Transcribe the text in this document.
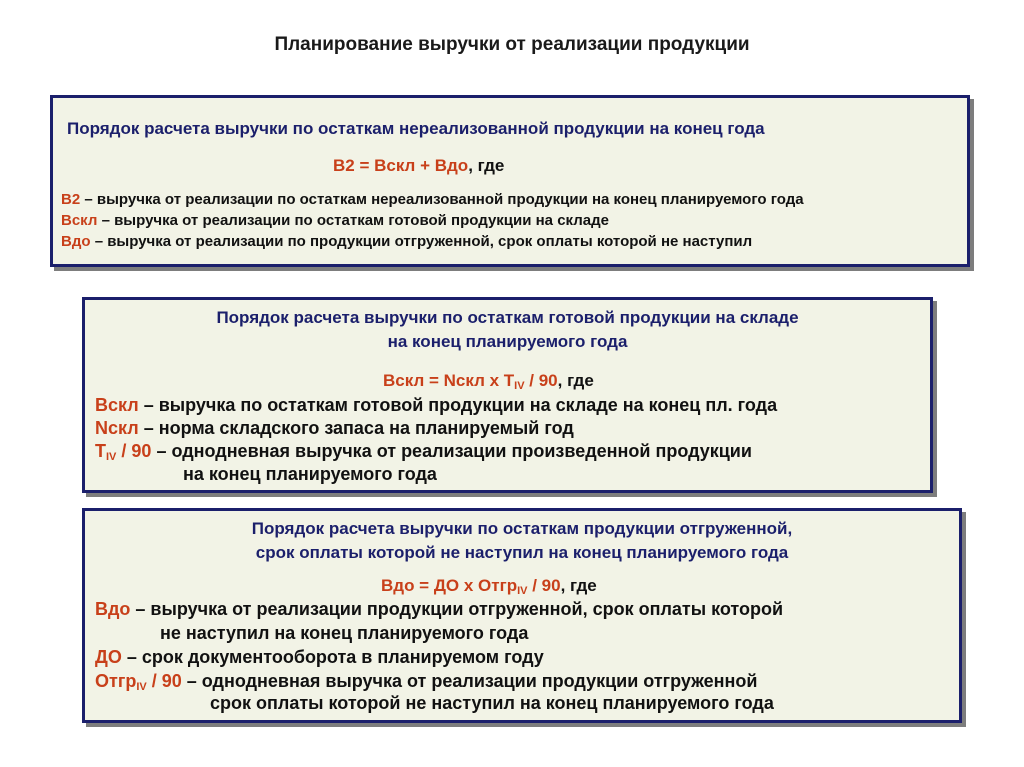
Планирование выручки от реализации продукции
Порядок расчета выручки по остаткам нереализованной продукции на конец года
В2 = Вскл + Вдо, где
В2 – выручка от реализации по остаткам нереализованной продукции на конец планируемого года
Вскл – выручка от реализации по остаткам готовой продукции на складе
Вдо – выручка от реализации по продукции отгруженной, срок оплаты которой не наступил
Порядок расчета выручки по остаткам готовой продукции на складе
на конец планируемого года
Вскл = Nскл х $Т_{IV} / 90$, где
Вскл – выручка по остаткам готовой продукции на складе на конец пл. года
Nскл – норма складского запаса на планируемый год
$Т_{IV} / 90$ – однодневная выручка от реализации произведенной продукции
на конец планируемого года
Порядок расчета выручки по остаткам продукции отгруженной,
срок оплаты которой не наступил на конец планируемого года
Вдо = ДО х Отгр$_{IV}$ / 90, где
Вдо – выручка от реализации продукции отгруженной, срок оплаты которой
не наступил на конец планируемого года
ДО – срок документооборота в планируемом году
Отгр$_{IV}$ / 90 – однодневная выручка от реализации продукции отгруженной
срок оплаты которой не наступил на конец планируемого года
